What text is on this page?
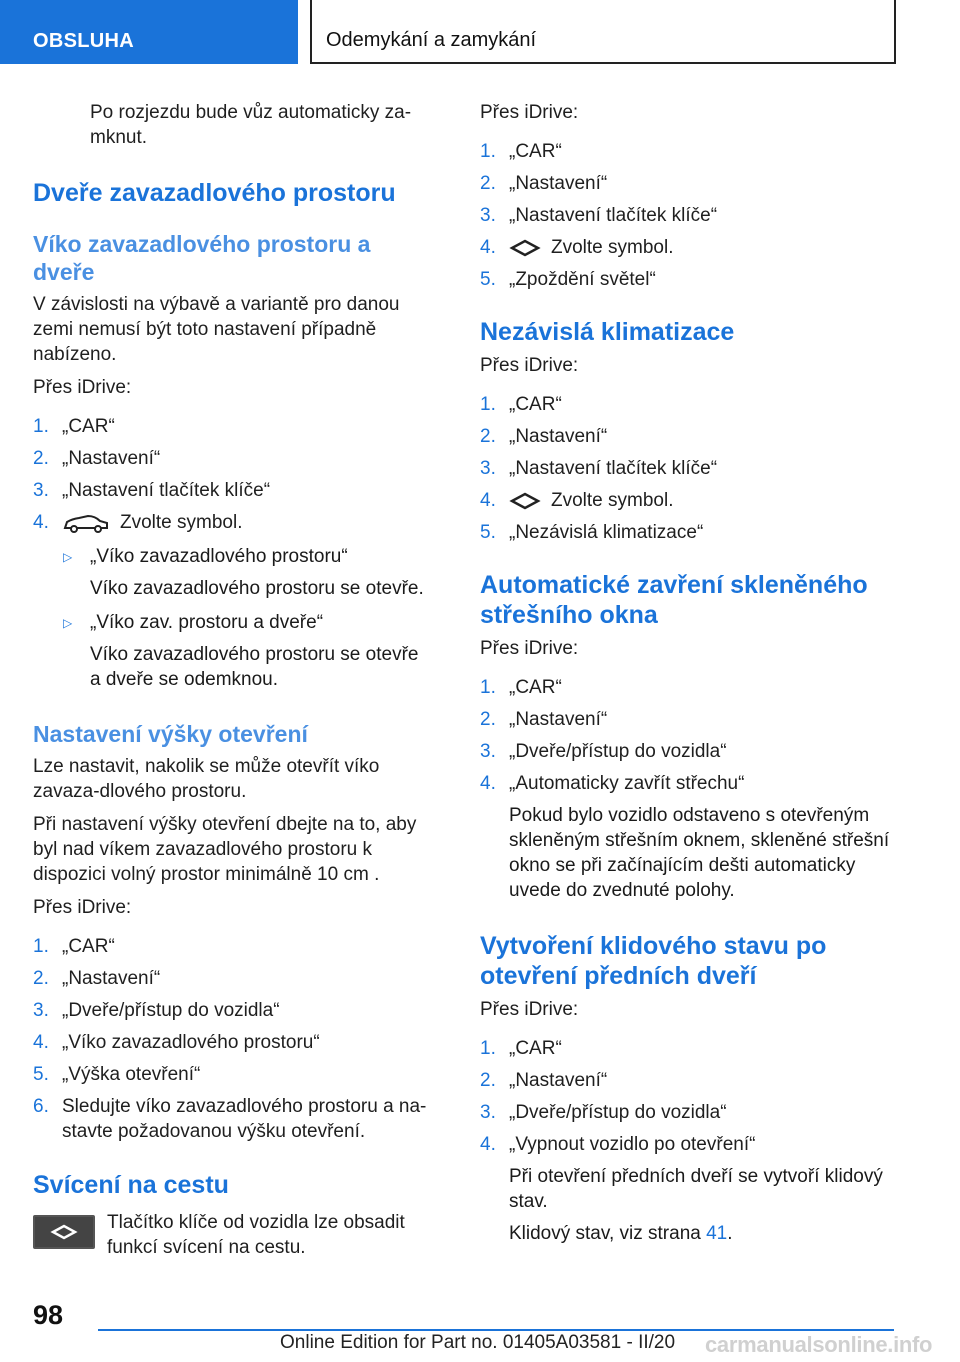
OBSLUHA	Odemykání a zamykání

Po rozjezdu bude vůz automaticky za-mknut.

Dveře zavazadlového prostoru
Víko zavazadlového prostoru a dveře

V závislosti na výbavě a variantě pro danou zemi nemusí být toto nastavení případně nabízeno.

Přes iDrive:

1. „CAR“
2. „Nastavení“
3. „Nastavení tlačítek klíče“
4.	Zvolte symbol.
▷ „Víko zavazadlového prostoru“
Víko zavazadlového prostoru se otevře.
▷ „Víko zav. prostoru a dveře“
Víko zavazadlového prostoru se otevře a dveře se odemknou.
Nastavení výšky otevření

Lze nastavit, nakolik se může otevřít víko zavaza-dlového prostoru.

Při nastavení výšky otevření dbejte na to, aby byl nad víkem zavazadlového prostoru k dispozici volný prostor minimálně 10 cm .

Přes iDrive:

1. „CAR“
2. „Nastavení“
3. „Dveře/přístup do vozidla“
4. „Víko zavazadlového prostoru“
5. „Výška otevření“
6. Sledujte víko zavazadlového prostoru a na-stavte požadovanou výšku otevření.
Svícení na cestu

Tlačítko klíče od vozidla lze obsadit funkcí svícení na cestu.

Přes iDrive:

1. „CAR“
2. „Nastavení“
3. „Nastavení tlačítek klíče“
4.	Zvolte symbol.
5. „Zpoždění světel“
Nezávislá klimatizace

Přes iDrive:

1. „CAR“
2. „Nastavení“
3. „Nastavení tlačítek klíče“
4.	Zvolte symbol.
5. „Nezávislá klimatizace“
Automatické zavření skleněného střešního okna

Přes iDrive:

1. „CAR“
2. „Nastavení“
3. „Dveře/přístup do vozidla“
4. „Automaticky zavřít střechu“
Pokud bylo vozidlo odstaveno s otevřeným skleněným střešním oknem, skleněné střešní okno se při začínajícím dešti automaticky uvede do zvednuté polohy.
Vytvoření klidového stavu po otevření předních dveří

Přes iDrive:

1. „CAR“
2. „Nastavení“
3. „Dveře/přístup do vozidla“
4. „Vypnout vozidlo po otevření“
Při otevření předních dveří se vytvoří klidový stav.
Klidový stav, viz strana 41.
98
Online Edition for Part no. 01405A03581 - II/20 carmanualsonline.info
